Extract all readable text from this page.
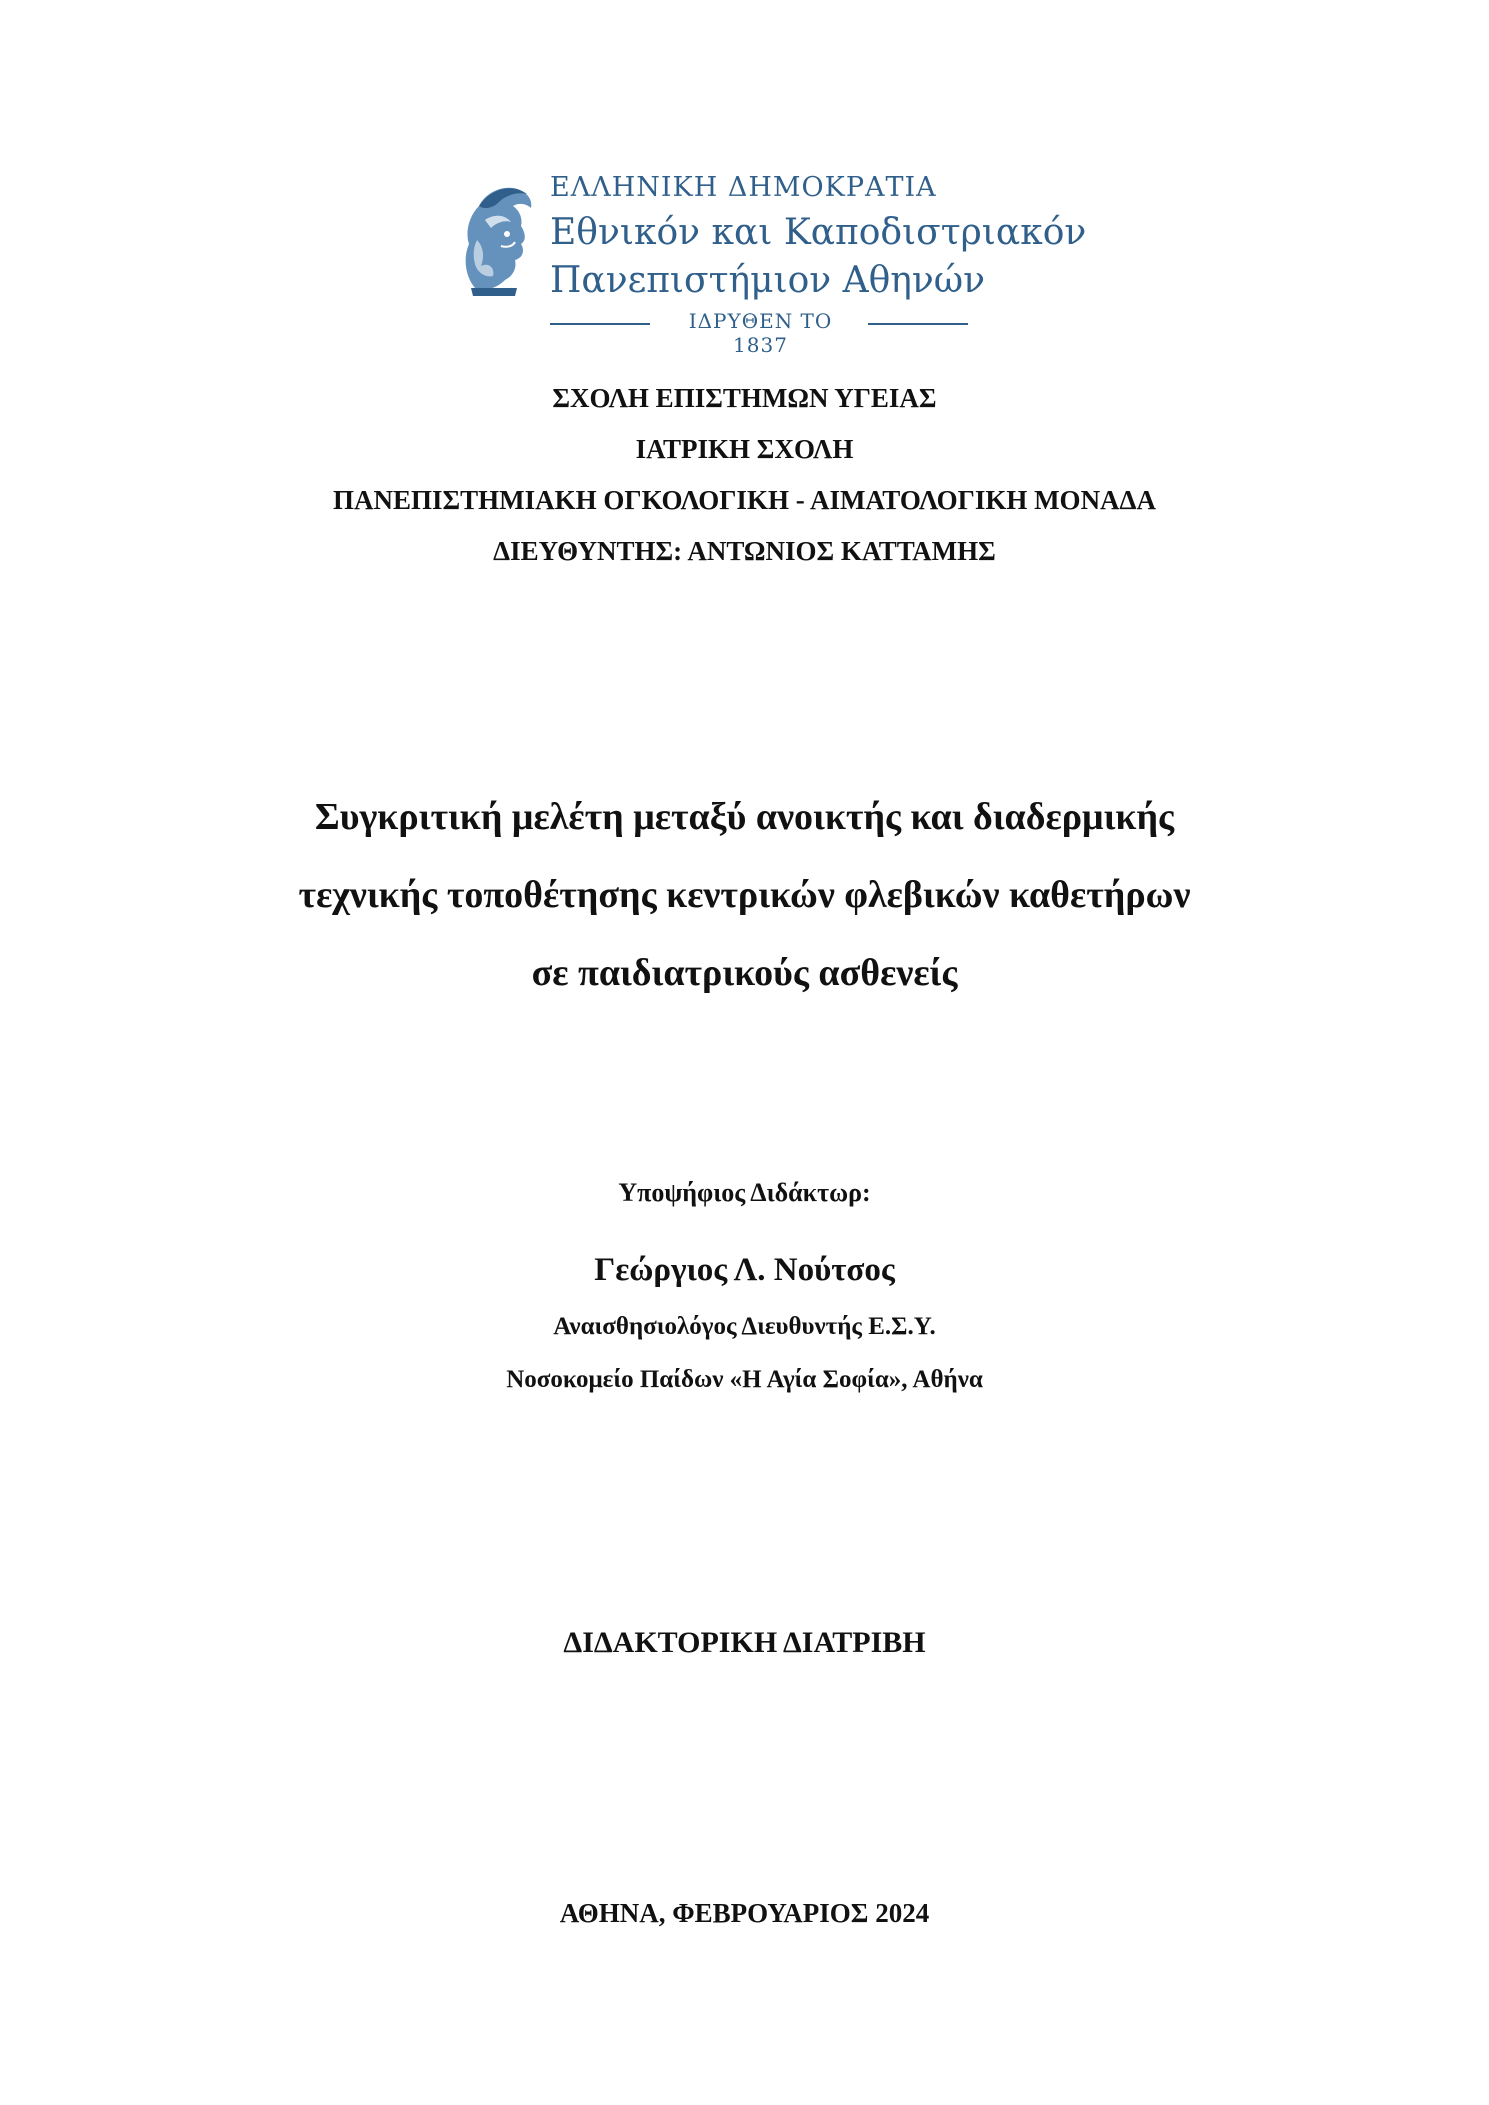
ΕΛΛΗΝΙΚΗ ΔΗΜΟΚΡΑΤΙΑ
Εθνικόν και Καποδιστριακόν
Πανεπιστήμιον Αθηνών
ΙΔΡΥΘΕΝ ΤΟ 1837
ΣΧΟΛΗ ΕΠΙΣΤΗΜΩΝ ΥΓΕΙΑΣ
ΙΑΤΡΙΚΗ ΣΧΟΛΗ
ΠΑΝΕΠΙΣΤΗΜΙΑΚΗ ΟΓΚΟΛΟΓΙΚΗ - ΑΙΜΑΤΟΛΟΓΙΚΗ ΜΟΝΑΔΑ
ΔΙΕΥΘΥΝΤΗΣ: ΑΝΤΩΝΙΟΣ ΚΑΤΤΑΜΗΣ
Συγκριτική μελέτη μεταξύ ανοικτής και διαδερμικής
τεχνικής τοποθέτησης κεντρικών φλεβικών καθετήρων
σε παιδιατρικούς ασθενείς
Υποψήφιος Διδάκτωρ:
Γεώργιος Λ. Νούτσος
Αναισθησιολόγος Διευθυντής Ε.Σ.Υ.
Νοσοκομείο Παίδων «Η Αγία Σοφία», Αθήνα
ΔΙΔΑΚΤΟΡΙΚΗ ΔΙΑΤΡΙΒΗ
ΑΘΗΝΑ, ΦΕΒΡΟΥΑΡΙΟΣ 2024
